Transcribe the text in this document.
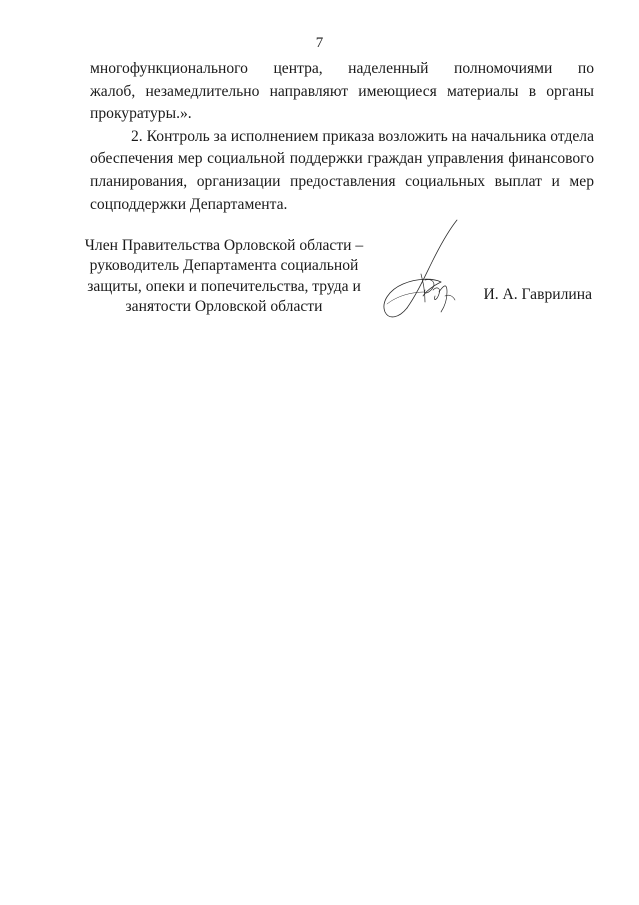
7
многофункционального центра, наделенный полномочиями по
жалоб, незамедлительно направляют имеющиеся материалы в органы
прокуратуры.».
2. Контроль за исполнением приказа возложить на начальника отдела
обеспечения мер социальной поддержки граждан управления финансового
планирования, организации предоставления социальных выплат и мер
соцподдержки Департамента.
Член Правительства Орловской области –
руководитель Департамента социальной
защиты, опеки и попечительства, труда и
занятости Орловской области
И. А. Гаврилина
